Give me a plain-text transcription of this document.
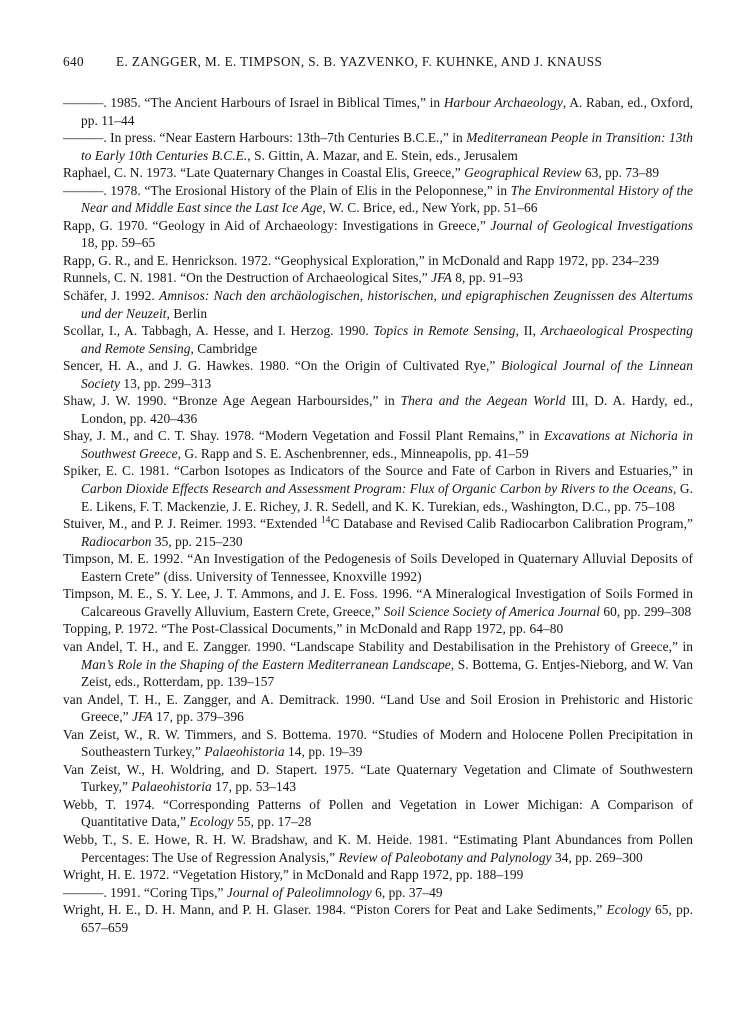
640	E. ZANGGER, M. E. TIMPSON, S. B. YAZVENKO, F. KUHNKE, AND J. KNAUSS

———. 1985. “The Ancient Harbours of Israel in Biblical Times,” in Harbour Archaeology, A. Raban, ed., Oxford, pp. 11–44

———. In press. “Near Eastern Harbours: 13th–7th Centuries B.C.E.,” in Mediterranean People in Transition: 13th to Early 10th Centuries B.C.E., S. Gittin, A. Mazar, and E. Stein, eds., Jerusalem

Raphael, C. N. 1973. “Late Quaternary Changes in Coastal Elis, Greece,” Geographical Review 63, pp. 73–89

———. 1978. “The Erosional History of the Plain of Elis in the Peloponnese,” in The Environmental History of the Near and Middle East since the Last Ice Age, W. C. Brice, ed., New York, pp. 51–66

Rapp, G. 1970. “Geology in Aid of Archaeology: Investigations in Greece,” Journal of Geological Investigations 18, pp. 59–65

Rapp, G. R., and E. Henrickson. 1972. “Geophysical Exploration,” in McDonald and Rapp 1972, pp. 234–239

Runnels, C. N. 1981. “On the Destruction of Archaeological Sites,” JFA 8, pp. 91–93

Schäfer, J. 1992. Amnisos: Nach den archäologischen, historischen, und epigraphischen Zeugnissen des Altertums und der Neuzeit, Berlin

Scollar, I., A. Tabbagh, A. Hesse, and I. Herzog. 1990. Topics in Remote Sensing, II, Archaeological Prospecting and Remote Sensing, Cambridge

Sencer, H. A., and J. G. Hawkes. 1980. “On the Origin of Cultivated Rye,” Biological Journal of the Linnean Society 13, pp. 299–313

Shaw, J. W. 1990. “Bronze Age Aegean Harboursides,” in Thera and the Aegean World III, D. A. Hardy, ed., London, pp. 420–436

Shay, J. M., and C. T. Shay. 1978. “Modern Vegetation and Fossil Plant Remains,” in Excavations at Nichoria in Southwest Greece, G. Rapp and S. E. Aschenbrenner, eds., Minneapolis, pp. 41–59

Spiker, E. C. 1981. “Carbon Isotopes as Indicators of the Source and Fate of Carbon in Rivers and Estuaries,” in Carbon Dioxide Effects Research and Assessment Program: Flux of Organic Carbon by Rivers to the Oceans, G. E. Likens, F. T. Mackenzie, J. E. Richey, J. R. Sedell, and K. K. Turekian, eds., Washington, D.C., pp. 75–108

Stuiver, M., and P. J. Reimer. 1993. “Extended $^{14}$C Database and Revised Calib Radiocarbon Calibration Program,” Radiocarbon 35, pp. 215–230

Timpson, M. E. 1992. “An Investigation of the Pedogenesis of Soils Developed in Quaternary Alluvial Deposits of Eastern Crete” (diss. University of Tennessee, Knoxville 1992)

Timpson, M. E., S. Y. Lee, J. T. Ammons, and J. E. Foss. 1996. “A Mineralogical Investigation of Soils Formed in Calcareous Gravelly Alluvium, Eastern Crete, Greece,” Soil Science Society of America Journal 60, pp. 299–308

Topping, P. 1972. “The Post-Classical Documents,” in McDonald and Rapp 1972, pp. 64–80

van Andel, T. H., and E. Zangger. 1990. “Landscape Stability and Destabilisation in the Prehistory of Greece,” in Man’s Role in the Shaping of the Eastern Mediterranean Landscape, S. Bottema, G. Entjes-Nieborg, and W. Van Zeist, eds., Rotterdam, pp. 139–157

van Andel, T. H., E. Zangger, and A. Demitrack. 1990. “Land Use and Soil Erosion in Prehistoric and Historic Greece,” JFA 17, pp. 379–396

Van Zeist, W., R. W. Timmers, and S. Bottema. 1970. “Studies of Modern and Holocene Pollen Precipitation in Southeastern Turkey,” Palaeohistoria 14, pp. 19–39

Van Zeist, W., H. Woldring, and D. Stapert. 1975. “Late Quaternary Vegetation and Climate of Southwestern Turkey,” Palaeohistoria 17, pp. 53–143

Webb, T. 1974. “Corresponding Patterns of Pollen and Vegetation in Lower Michigan: A Comparison of Quantitative Data,” Ecology 55, pp. 17–28

Webb, T., S. E. Howe, R. H. W. Bradshaw, and K. M. Heide. 1981. “Estimating Plant Abundances from Pollen Percentages: The Use of Regression Analysis,” Review of Paleobotany and Palynology 34, pp. 269–300

Wright, H. E. 1972. “Vegetation History,” in McDonald and Rapp 1972, pp. 188–199

———. 1991. “Coring Tips,” Journal of Paleolimnology 6, pp. 37–49

Wright, H. E., D. H. Mann, and P. H. Glaser. 1984. “Piston Corers for Peat and Lake Sediments,” Ecology 65, pp. 657–659
